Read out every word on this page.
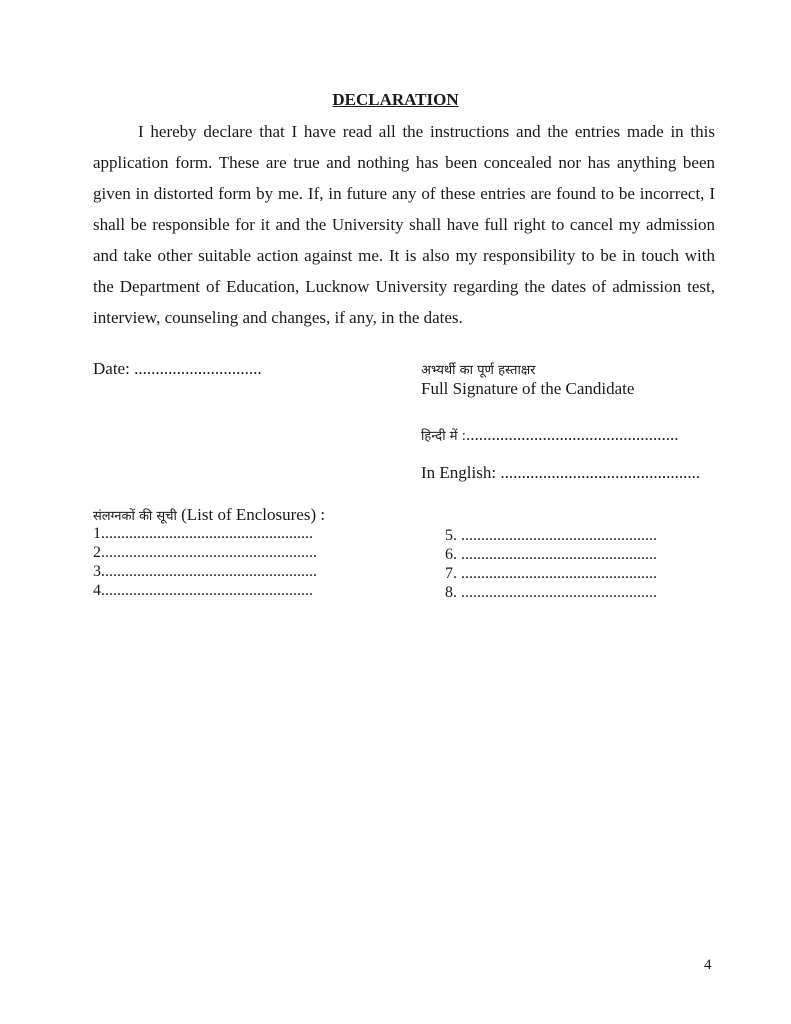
DECLARATION
I hereby declare that I have read all the instructions and the entries made in this application form. These are true and nothing has been concealed nor has anything been given in distorted form by me. If, in future any of these entries are found to be incorrect, I shall be responsible for it and the University shall have full right to cancel my admission and take other suitable action against me. It is also my responsibility to be in touch with the Department of Education, Lucknow University regarding the dates of admission test, interview, counseling and changes, if any, in the dates.
Date: ..............................	अभ्यर्थी का पूर्ण हस्ताक्षर
Full Signature of the Candidate
हिन्दी में :..................................................
In English: ...............................................
संलग्नकों की सूची (List of Enclosures) :
1.....................................................
2......................................................
3......................................................
4.....................................................
5. .................................................
6. .................................................
7. .................................................
8. .................................................
4
